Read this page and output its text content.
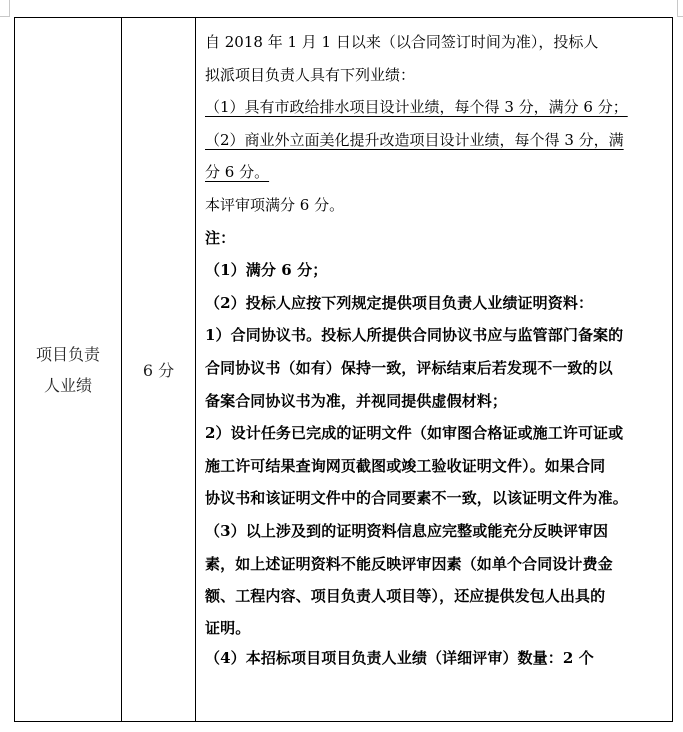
项目负责
人业绩
6 分
自 2018 年 1 月 1 日以来（以合同签订时间为准），投标人
拟派项目负责人具有下列业绩：
（1）具有市政给排水项目设计业绩，每个得 3 分，满分 6 分；
（2）商业外立面美化提升改造项目设计业绩，每个得 3 分，满
分 6 分。
本评审项满分 6 分。
注：
（1）满分 6 分；
（2）投标人应按下列规定提供项目负责人业绩证明资料：
1）合同协议书。投标人所提供合同协议书应与监管部门备案的
合同协议书（如有）保持一致，评标结束后若发现不一致的以
备案合同协议书为准，并视同提供虚假材料；
2）设计任务已完成的证明文件（如审图合格证或施工许可证或
施工许可结果查询网页截图或竣工验收证明文件）。如果合同
协议书和该证明文件中的合同要素不一致，以该证明文件为准。
（3）以上涉及到的证明资料信息应完整或能充分反映评审因
素，如上述证明资料不能反映评审因素（如单个合同设计费金
额、工程内容、项目负责人项目等），还应提供发包人出具的
证明。
（4）本招标项目项目负责人业绩（详细评审）数量：2 个
